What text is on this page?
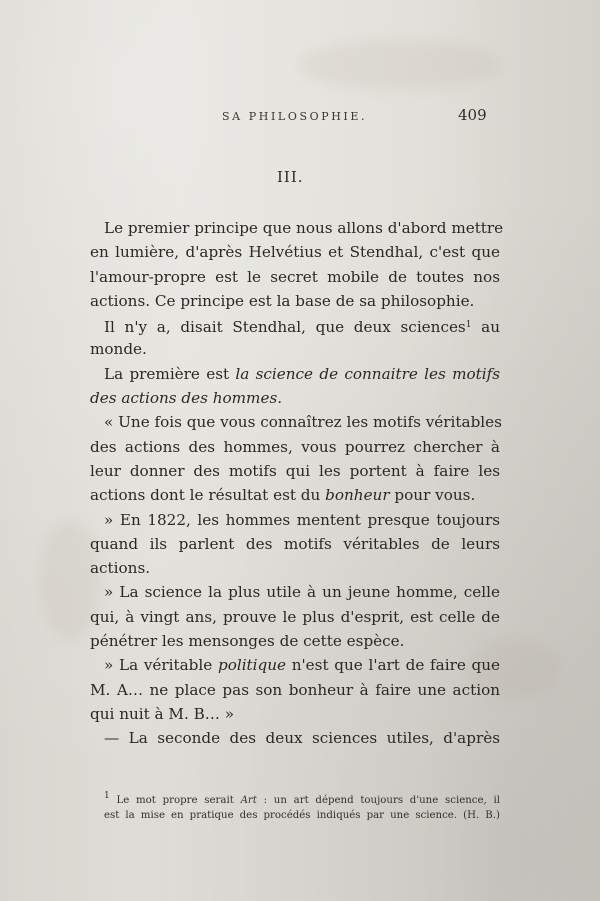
SA PHILOSOPHIE.	409
III.
Le premier principe que nous allons d'abord mettre
en lumière, d'après Helvétius et Stendhal, c'est que
l'amour-propre est le secret mobile de toutes nos
actions. Ce principe est la base de sa philosophie.
Il n'y a, disait Stendhal, que deux sciences$^1$ au
monde.
La première est la science de connaitre les motifs
des actions des hommes.
« Une fois que vous connaîtrez les motifs véritables
des actions des hommes, vous pourrez chercher à
leur donner des motifs qui les portent à faire les
actions dont le résultat est du bonheur pour vous.
» En 1822, les hommes mentent presque toujours
quand ils parlent des motifs véritables de leurs
actions.
» La science la plus utile à un jeune homme, celle
qui, à vingt ans, prouve le plus d'esprit, est celle de
pénétrer les mensonges de cette espèce.
» La véritable politique n'est que l'art de faire que
M. A… ne place pas son bonheur à faire une action
qui nuit à M. B… »
— La seconde des deux sciences utiles, d'après
1 Le mot propre serait Art : un art dépend toujours d'une science, il
est la mise en pratique des procédés indiqués par une science. (H. B.)
